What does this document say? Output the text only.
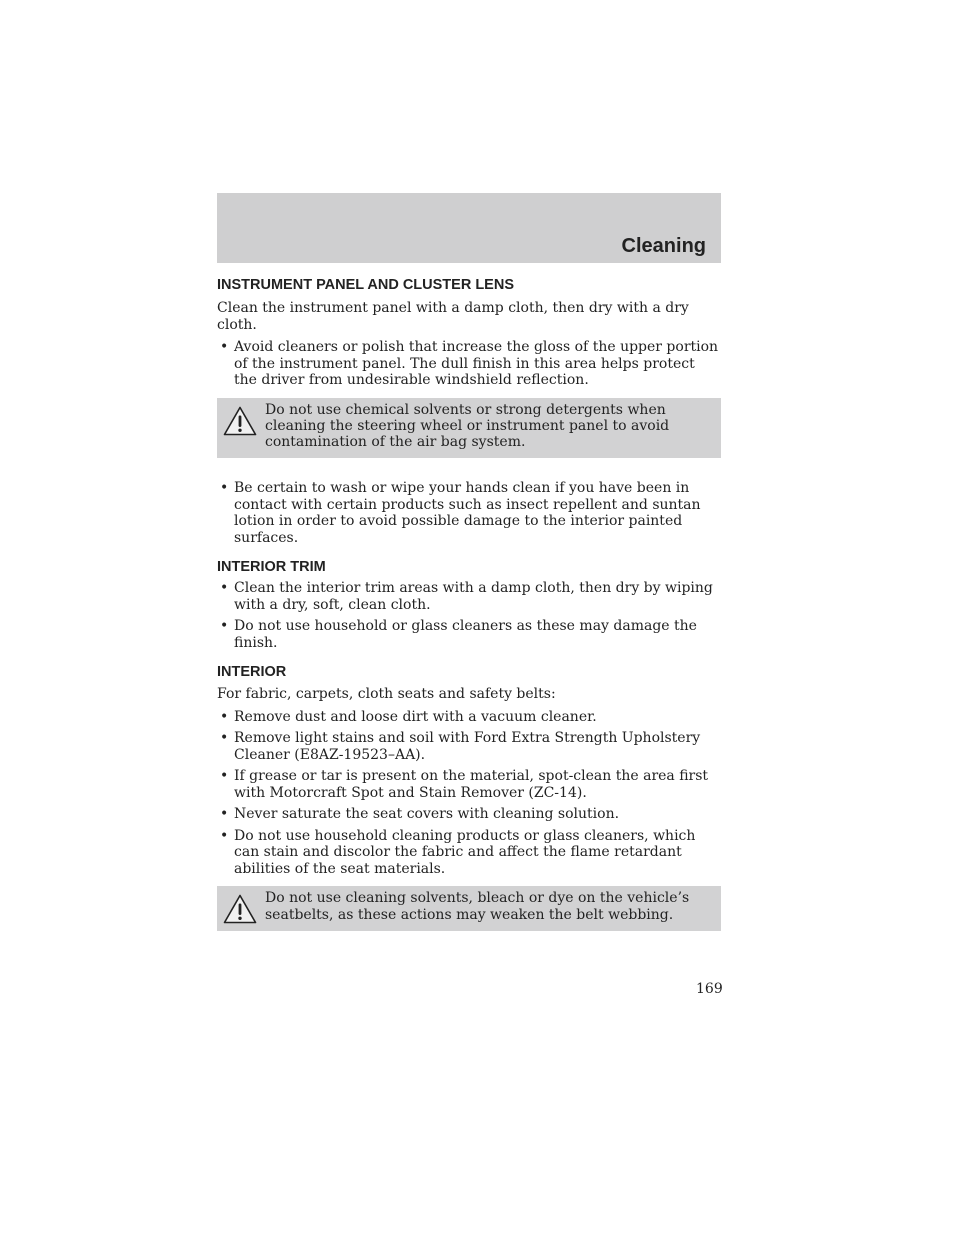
Cleaning
INSTRUMENT PANEL AND CLUSTER LENS

Clean the instrument panel with a damp cloth, then dry with a dry cloth.

• Avoid cleaners or polish that increase the gloss of the upper portion of the instrument panel. The dull finish in this area helps protect the driver from undesirable windshield reflection.
Do not use chemical solvents or strong detergents when cleaning the steering wheel or instrument panel to avoid contamination of the air bag system.
• Be certain to wash or wipe your hands clean if you have been in contact with certain products such as insect repellent and suntan lotion in order to avoid possible damage to the interior painted surfaces.
INTERIOR TRIM
• Clean the interior trim areas with a damp cloth, then dry by wiping with a dry, soft, clean cloth.
• Do not use household or glass cleaners as these may damage the finish.
INTERIOR

For fabric, carpets, cloth seats and safety belts:

• Remove dust and loose dirt with a vacuum cleaner.
• Remove light stains and soil with Ford Extra Strength Upholstery Cleaner (E8AZ-19523–AA).
• If grease or tar is present on the material, spot-clean the area first with Motorcraft Spot and Stain Remover (ZC-14).
• Never saturate the seat covers with cleaning solution.
• Do not use household cleaning products or glass cleaners, which can stain and discolor the fabric and affect the flame retardant abilities of the seat materials.
Do not use cleaning solvents, bleach or dye on the vehicle’s seatbelts, as these actions may weaken the belt webbing.
169
